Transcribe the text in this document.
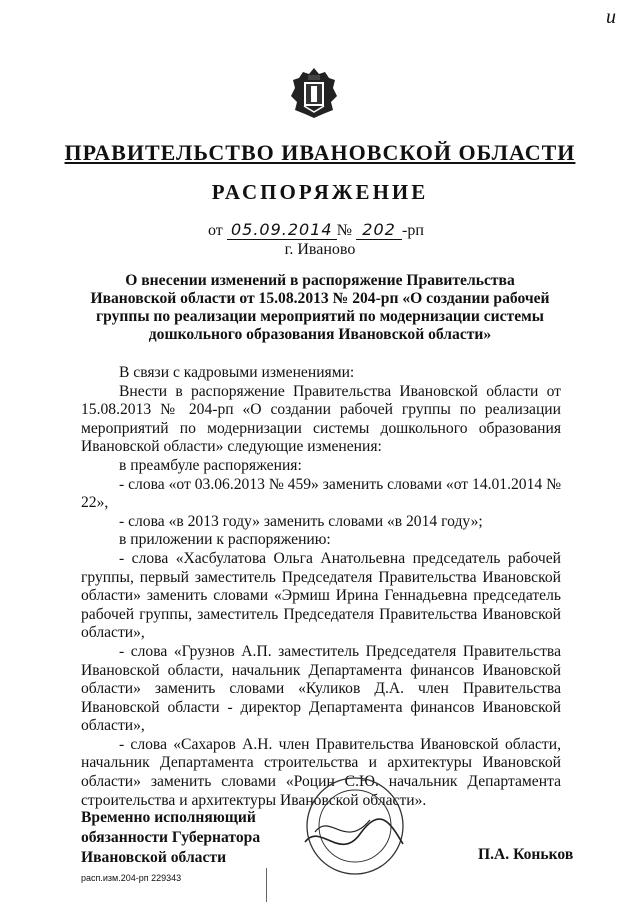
и
ПРАВИТЕЛЬСТВО ИВАНОВСКОЙ ОБЛАСТИ
РАСПОРЯЖЕНИЕ
от 05.09.2014 № 202 -рп
г. Иваново
О внесении изменений в распоряжение Правительства Ивановской области от 15.08.2013 № 204-рп «О создании рабочей группы по реализации мероприятий по модернизации системы дошкольного образования Ивановской области»

В связи с кадровыми изменениями:

Внести в распоряжение Правительства Ивановской области от 15.08.2013 № 204-рп «О создании рабочей группы по реализации мероприятий по модернизации системы дошкольного образования Ивановской области» следующие изменения:

в преамбуле распоряжения:

- слова «от 03.06.2013 № 459» заменить словами «от 14.01.2014 № 22»,

- слова «в 2013 году» заменить словами «в 2014 году»;

в приложении к распоряжению:

- слова «Хасбулатова Ольга Анатольевна председатель рабочей группы, первый заместитель Председателя Правительства Ивановской области» заменить словами «Эрмиш Ирина Геннадьевна председатель рабочей группы, заместитель Председателя Правительства Ивановской области»,

- слова «Грузнов А.П. заместитель Председателя Правительства Ивановской области, начальник Департамента финансов Ивановской области» заменить словами «Куликов Д.А. член Правительства Ивановской области - директор Департамента финансов Ивановской области»,

- слова «Сахаров А.Н. член Правительства Ивановской области, начальник Департамента строительства и архитектуры Ивановской области» заменить словами «Роцин С.Ю. начальник Департамента строительства и архитектуры Ивановской области».

Временно исполняющий
обязанности Губернатора
Ивановской области	П.А. Коньков
расп.изм.204-рп 229343
